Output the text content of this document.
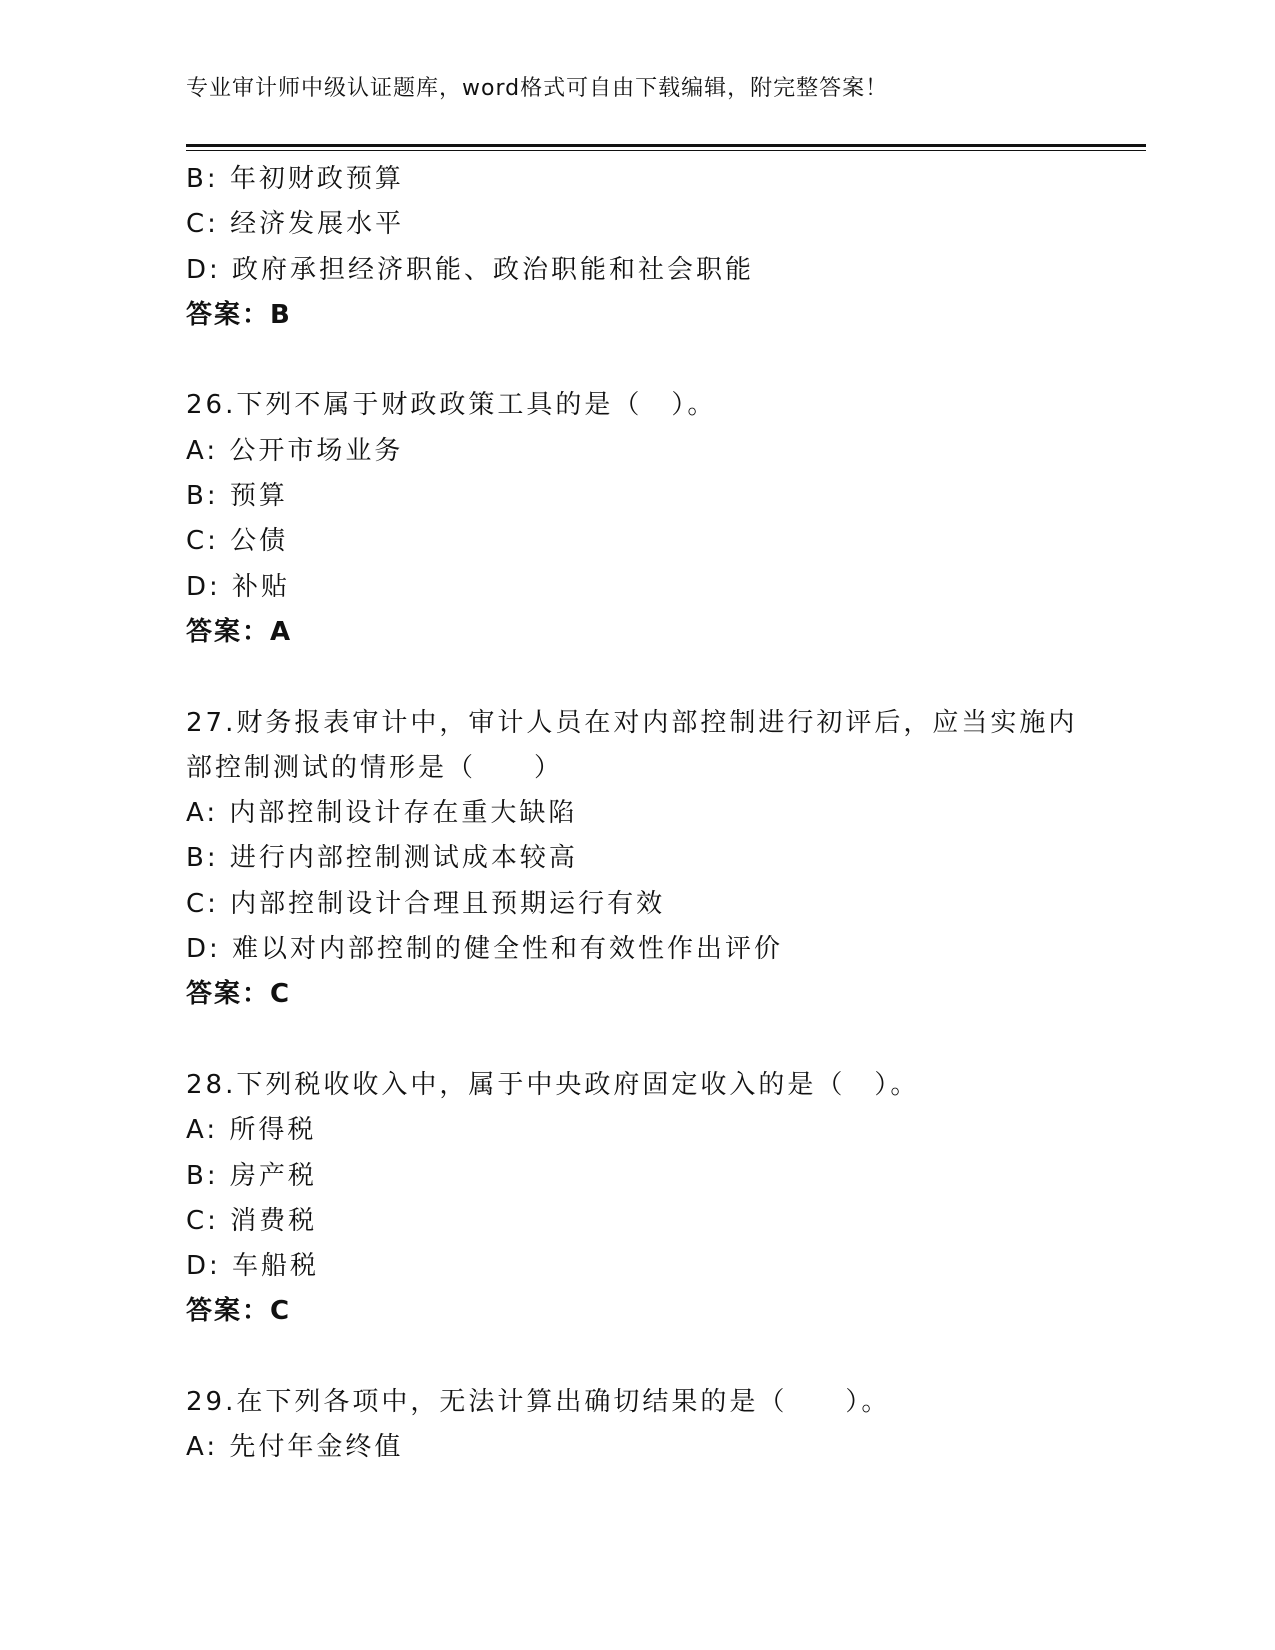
专业审计师中级认证题库，word格式可自由下载编辑，附完整答案！
B: 年初财政预算
C: 经济发展水平
D: 政府承担经济职能、政治职能和社会职能
答案：B
26.下列不属于财政政策工具的是（　）。
A: 公开市场业务
B: 预算
C: 公债
D: 补贴
答案：A
27.财务报表审计中，审计人员在对内部控制进行初评后，应当实施内
部控制测试的情形是（　　）
A: 内部控制设计存在重大缺陷
B: 进行内部控制测试成本较高
C: 内部控制设计合理且预期运行有效
D: 难以对内部控制的健全性和有效性作出评价
答案：C
28.下列税收收入中，属于中央政府固定收入的是（　）。
A: 所得税
B: 房产税
C: 消费税
D: 车船税
答案：C
29.在下列各项中，无法计算出确切结果的是（　　）。
A: 先付年金终值
